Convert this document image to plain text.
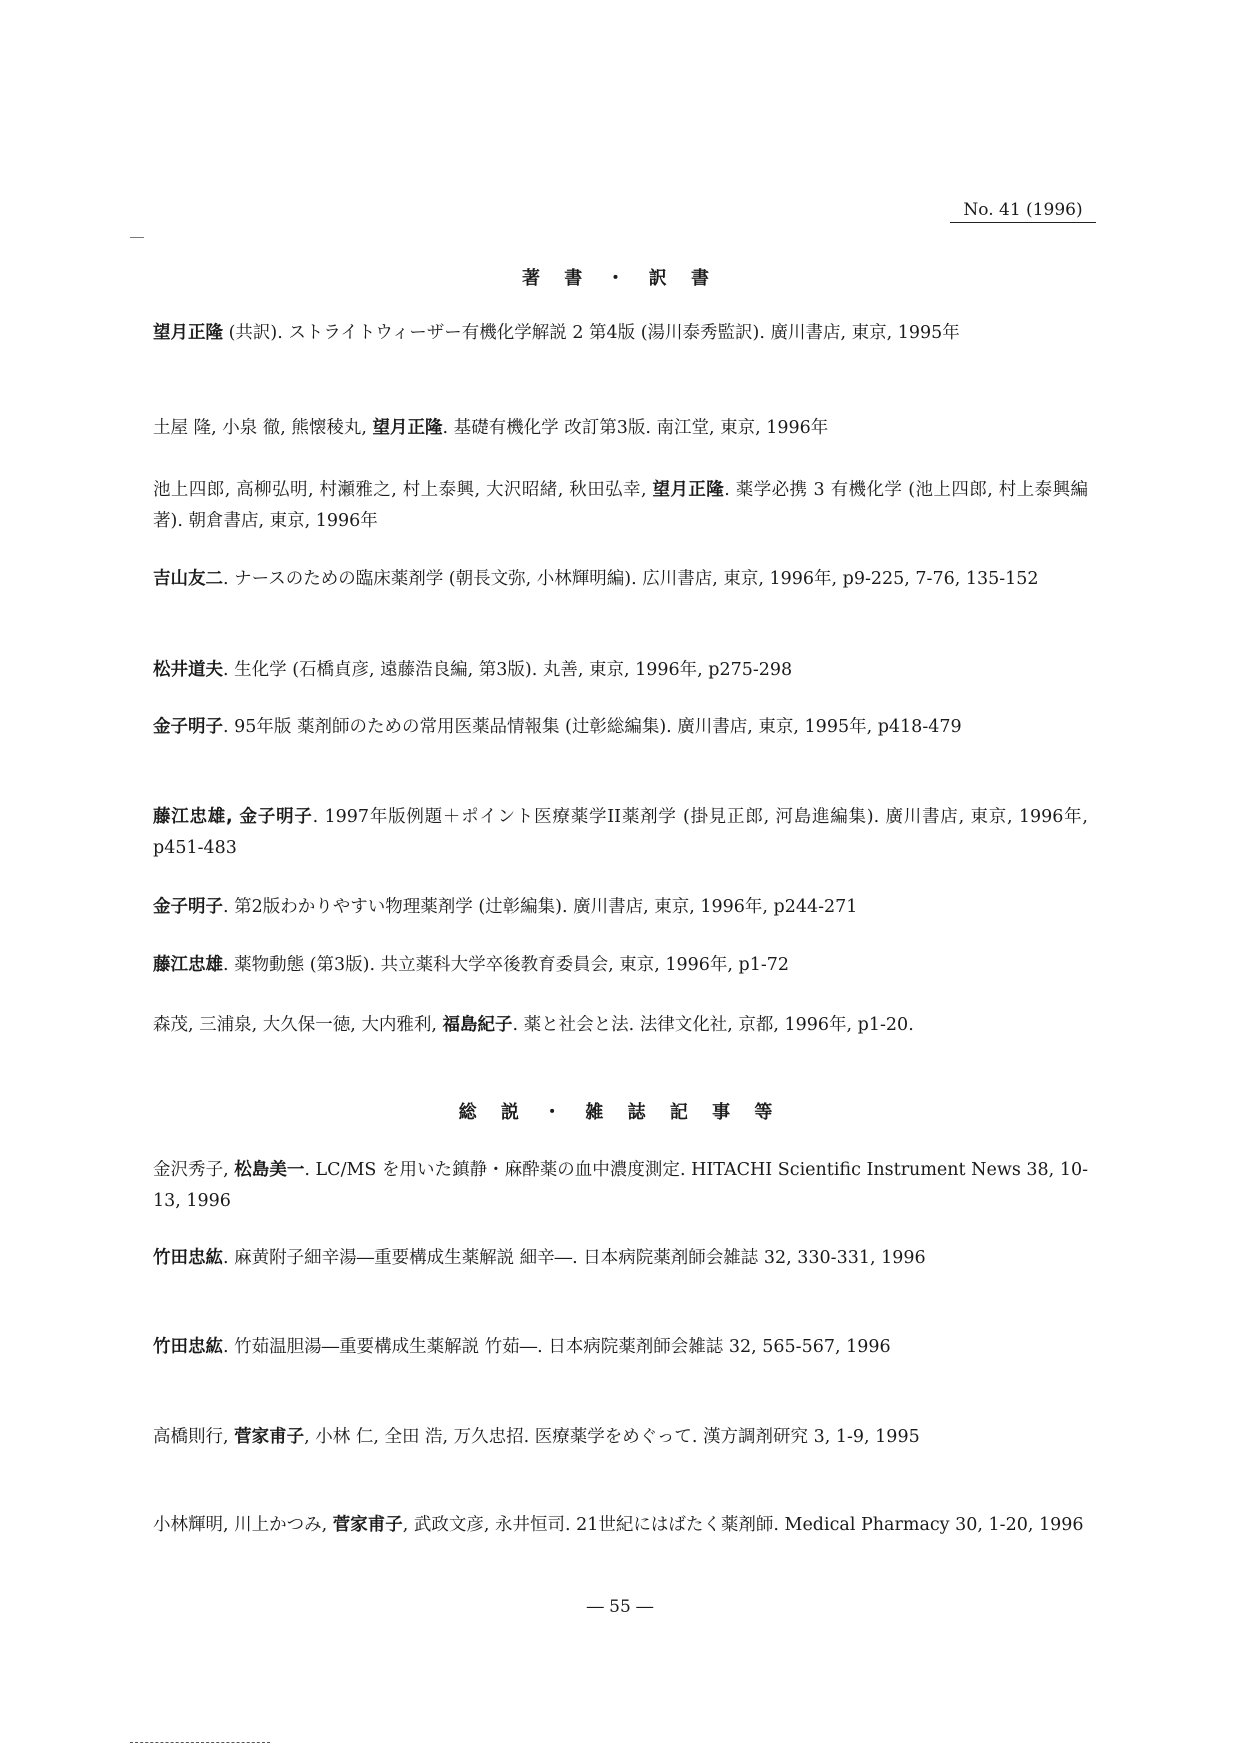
No. 41 (1996)
著 書 ・ 訳 書
望月正隆 (共訳). ストライトウィーザー有機化学解説 2 第4版 (湯川泰秀監訳). 廣川書店, 東京, 1995年
土屋 隆, 小泉 徹, 熊懐稜丸, 望月正隆. 基礎有機化学 改訂第3版. 南江堂, 東京, 1996年
池上四郎, 高柳弘明, 村瀬雅之, 村上泰興, 大沢昭緒, 秋田弘幸, 望月正隆. 薬学必携 3 有機化学 (池上四郎, 村上泰興編著). 朝倉書店, 東京, 1996年
吉山友二. ナースのための臨床薬剤学 (朝長文弥, 小林輝明編). 広川書店, 東京, 1996年, p9-225, 7-76, 135-152
松井道夫. 生化学 (石橋貞彦, 遠藤浩良編, 第3版). 丸善, 東京, 1996年, p275-298
金子明子. 95年版 薬剤師のための常用医薬品情報集 (辻彰総編集). 廣川書店, 東京, 1995年, p418-479
藤江忠雄, 金子明子. 1997年版例題＋ポイント医療薬学II薬剤学 (掛見正郎, 河島進編集). 廣川書店, 東京, 1996年, p451-483
金子明子. 第2版わかりやすい物理薬剤学 (辻彰編集). 廣川書店, 東京, 1996年, p244-271
藤江忠雄. 薬物動態 (第3版). 共立薬科大学卒後教育委員会, 東京, 1996年, p1-72
森茂, 三浦泉, 大久保一徳, 大内雅利, 福島紀子. 薬と社会と法. 法律文化社, 京都, 1996年, p1-20.
総 説 ・ 雑 誌 記 事 等
金沢秀子, 松島美一. LC/MS を用いた鎮静・麻酔薬の血中濃度測定. HITACHI Scientific Instrument News 38, 10-13, 1996
竹田忠紘. 麻黄附子細辛湯―重要構成生薬解説 細辛―. 日本病院薬剤師会雑誌 32, 330-331, 1996
竹田忠紘. 竹茹温胆湯―重要構成生薬解説 竹茹―. 日本病院薬剤師会雑誌 32, 565-567, 1996
高橋則行, 菅家甫子, 小林 仁, 全田 浩, 万久忠招. 医療薬学をめぐって. 漢方調剤研究 3, 1-9, 1995
小林輝明, 川上かつみ, 菅家甫子, 武政文彦, 永井恒司. 21世紀にはばたく薬剤師. Medical Pharmacy 30, 1-20, 1996
― 55 ―
